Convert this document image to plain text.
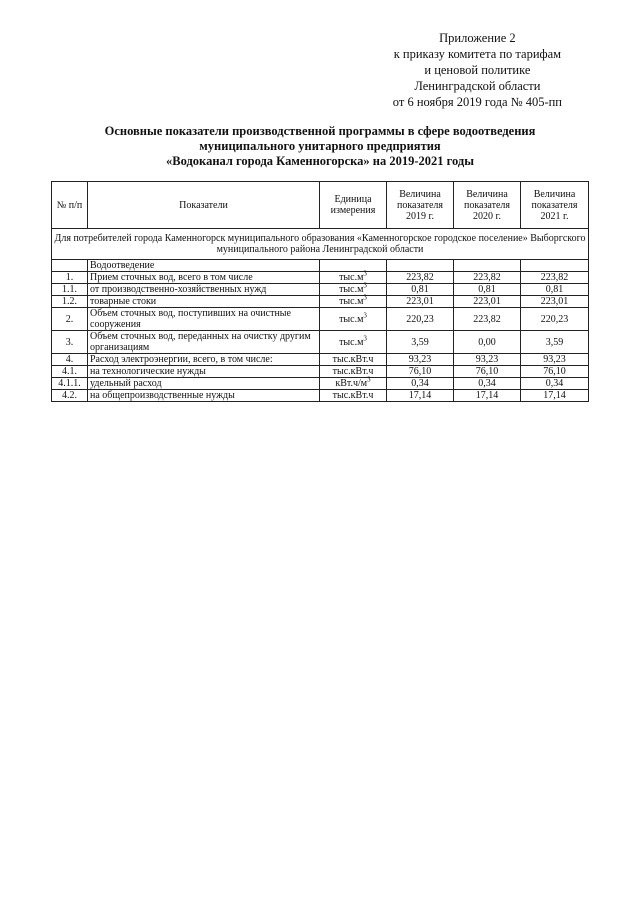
Приложение 2
к приказу комитета по тарифам
и ценовой политике
Ленинградской области
от 6 ноября 2019 года № 405-пп
Основные показатели производственной программы в сфере водоотведения
муниципального унитарного предприятия
«Водоканал города Каменногорска» на 2019-2021 годы
№ п/п	Показатели	Единица измерения	Величина показателя 2019 г.	Величина показателя 2020 г.	Величина показателя 2021 г.
Для потребителей города Каменногорск муниципального образования «Каменногорское городское поселение» Выборгского муниципального района Ленинградской области					
	Водоотведение				
1.	Прием сточных вод, всего в том числе	$тыс.м^3$	223,82	223,82	223,82
1.1.	от производственно-хозяйственных нужд	$тыс.м^3$	0,81	0,81	0,81
1.2.	товарные стоки	$тыс.м^3$	223,01	223,01	223,01
2.	Объем сточных вод, поступивших на очистные сооружения	$тыс.м^3$	220,23	223,82	220,23
3.	Объем сточных вод, переданных на очистку другим организациям	$тыс.м^3$	3,59	0,00	3,59
4.	Расход электроэнергии, всего, в том числе:	тыс.кВт.ч	93,23	93,23	93,23
4.1.	на технологические нужды	тыс.кВт.ч	76,10	76,10	76,10
4.1.1.	удельный расход	$кВт.ч/м^3$	0,34	0,34	0,34
4.2.	на общепроизводственные нужды	тыс.кВт.ч	17,14	17,14	17,14
